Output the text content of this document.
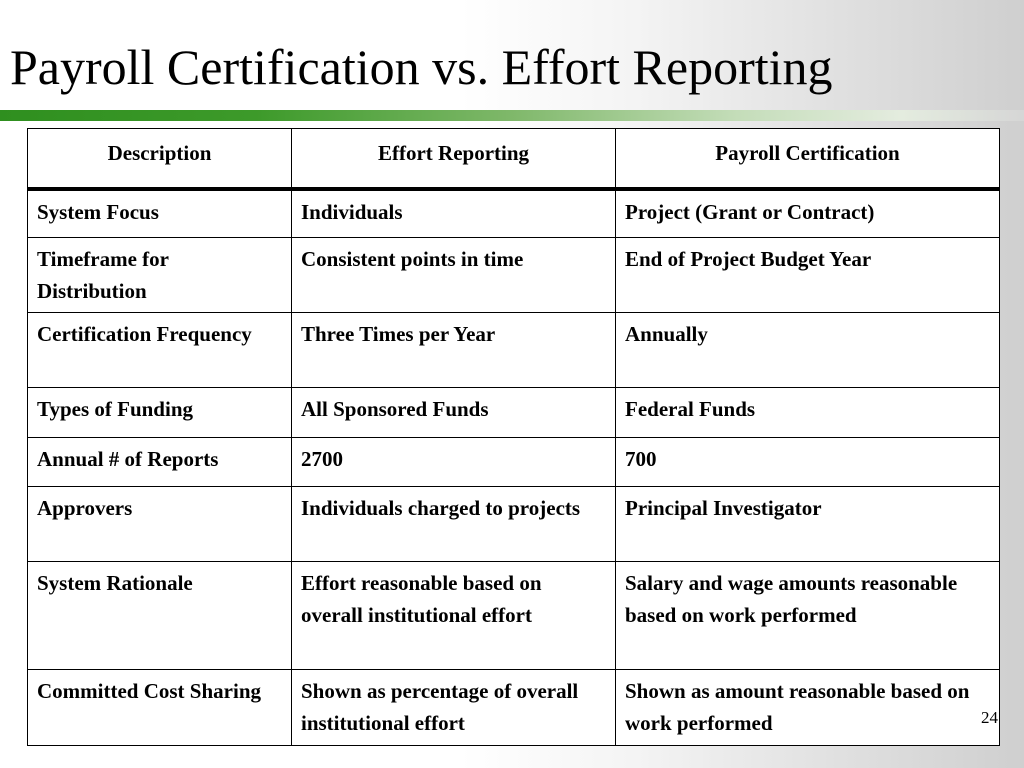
Payroll Certification vs. Effort Reporting
Description	Effort Reporting	Payroll Certification
System Focus	Individuals	Project (Grant or Contract)
Timeframe for Distribution	Consistent points in time	End of Project Budget Year
Certification Frequency	Three Times per Year	Annually
Types of Funding	All Sponsored Funds	Federal Funds
Annual # of Reports	2700	700
Approvers	Individuals charged to projects	Principal Investigator
System Rationale	Effort reasonable based on overall institutional effort	Salary and wage amounts reasonable based on work performed
Committed Cost Sharing	Shown as percentage of overall institutional effort	Shown as amount reasonable based on work performed	24
